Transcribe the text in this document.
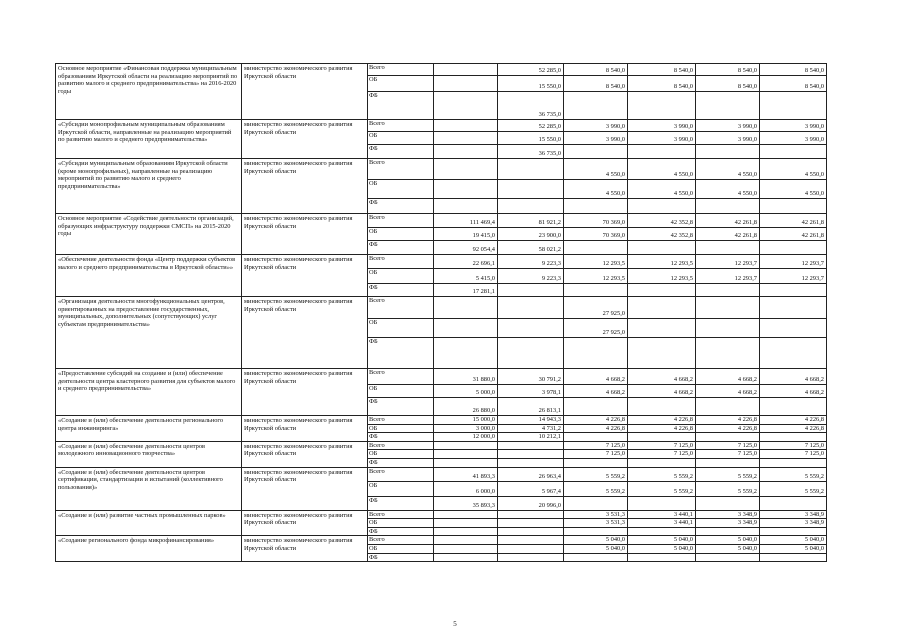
Основное мероприятие «Финансовая поддержка муниципальным образованиям Иркутской области на реализацию мероприятий по развитию малого и среднего предпринимательства» на 2016-2020 годы	министерство экономического развития Иркутской области	Всего		52 285,0	8 540,0	8 540,0	8 540,0	8 540,0
		ОБ		15 550,0	8 540,0	8 540,0	8 540,0	8 540,0
		ФБ		36 735,0				
«Субсидии монопрофильным муниципальным образованиям Иркутской области, направленные на реализацию мероприятий по развитию малого и среднего предпринимательства»	министерство экономического развития Иркутской области	Всего		52 285,0	3 990,0	3 990,0	3 990,0	3 990,0
		ОБ		15 550,0	3 990,0	3 990,0	3 990,0	3 990,0
		ФБ		36 735,0				
«Субсидии муниципальным образованиям Иркутской области (кроме монопрофильных), направленные на реализацию мероприятий по развитию малого и среднего предпринимательства»	министерство экономического развития Иркутской области	Всего			4 550,0	4 550,0	4 550,0	4 550,0
		ОБ			4 550,0	4 550,0	4 550,0	4 550,0
		ФБ						
Основное мероприятие «Содействие деятельности организаций, образующих инфраструктуру поддержки СМСП» на 2015-2020 годы	министерство экономического развития Иркутской области	Всего	111 469,4	81 921,2	70 369,0	42 352,8	42 261,8	42 261,8
		ОБ	19 415,0	23 900,0	70 369,0	42 352,8	42 261,8	42 261,8
		ФБ	92 054,4	58 021,2				
«Обеспечение деятельности фонда «Центр поддержки субъектов малого и среднего предпринимательства в Иркутской области»»	министерство экономического развития Иркутской области	Всего	22 696,1	9 223,3	12 293,5	12 293,5	12 293,7	12 293,7
		ОБ	5 415,0	9 223,3	12 293,5	12 293,5	12 293,7	12 293,7
		ФБ	17 281,1					
«Организация деятельности многофункциональных центров, ориентированных на предоставление государственных, муниципальных, дополнительных (сопутствующих) услуг субъектам предпринимательства»	министерство экономического развития Иркутской области	Всего			27 925,0			
		ОБ			27 925,0			
		ФБ						
«Предоставление субсидий на создание и (или) обеспечение деятельности центра кластерного развития для субъектов малого и среднего предпринимательства»	министерство экономического развития Иркутской области	Всего	31 880,0	30 791,2	4 668,2	4 668,2	4 668,2	4 668,2
		ОБ	5 000,0	3 978,1	4 668,2	4 668,2	4 668,2	4 668,2
		ФБ	26 880,0	26 813,1				
«Создание и (или) обеспечение деятельности регионального центра инжиниринга»	министерство экономического развития Иркутской области	Всего	15 000,0	14 943,3	4 226,8	4 226,8	4 226,8	4 226,8
		ОБ	3 000,0	4 731,2	4 226,8	4 226,8	4 226,8	4 226,8
		ФБ	12 000,0	10 212,1				
«Создание и (или) обеспечение деятельности центров молодежного инновационного творчества»	министерство экономического развития Иркутской области	Всего			7 125,0	7 125,0	7 125,0	7 125,0
		ОБ			7 125,0	7 125,0	7 125,0	7 125,0
		ФБ						
«Создание и (или) обеспечение деятельности центров сертификации, стандартизации и испытаний (коллективного пользования)»	министерство экономического развития Иркутской области	Всего	41 893,3	26 963,4	5 559,2	5 559,2	5 559,2	5 559,2
		ОБ	6 000,0	5 967,4	5 559,2	5 559,2	5 559,2	5 559,2
		ФБ	35 893,3	20 996,0				
«Создание и (или) развитие частных промышленных парков»	министерство экономического развития Иркутской области	Всего			3 531,3	3 440,1	3 348,9	3 348,9
		ОБ			3 531,3	3 440,1	3 348,9	3 348,9
		ФБ						
«Создание регионального фонда микрофинансирования»	министерство экономического развития Иркутской области	Всего			5 040,0	5 040,0	5 040,0	5 040,0
		ОБ			5 040,0	5 040,0	5 040,0	5 040,0
		ФБ						
5
